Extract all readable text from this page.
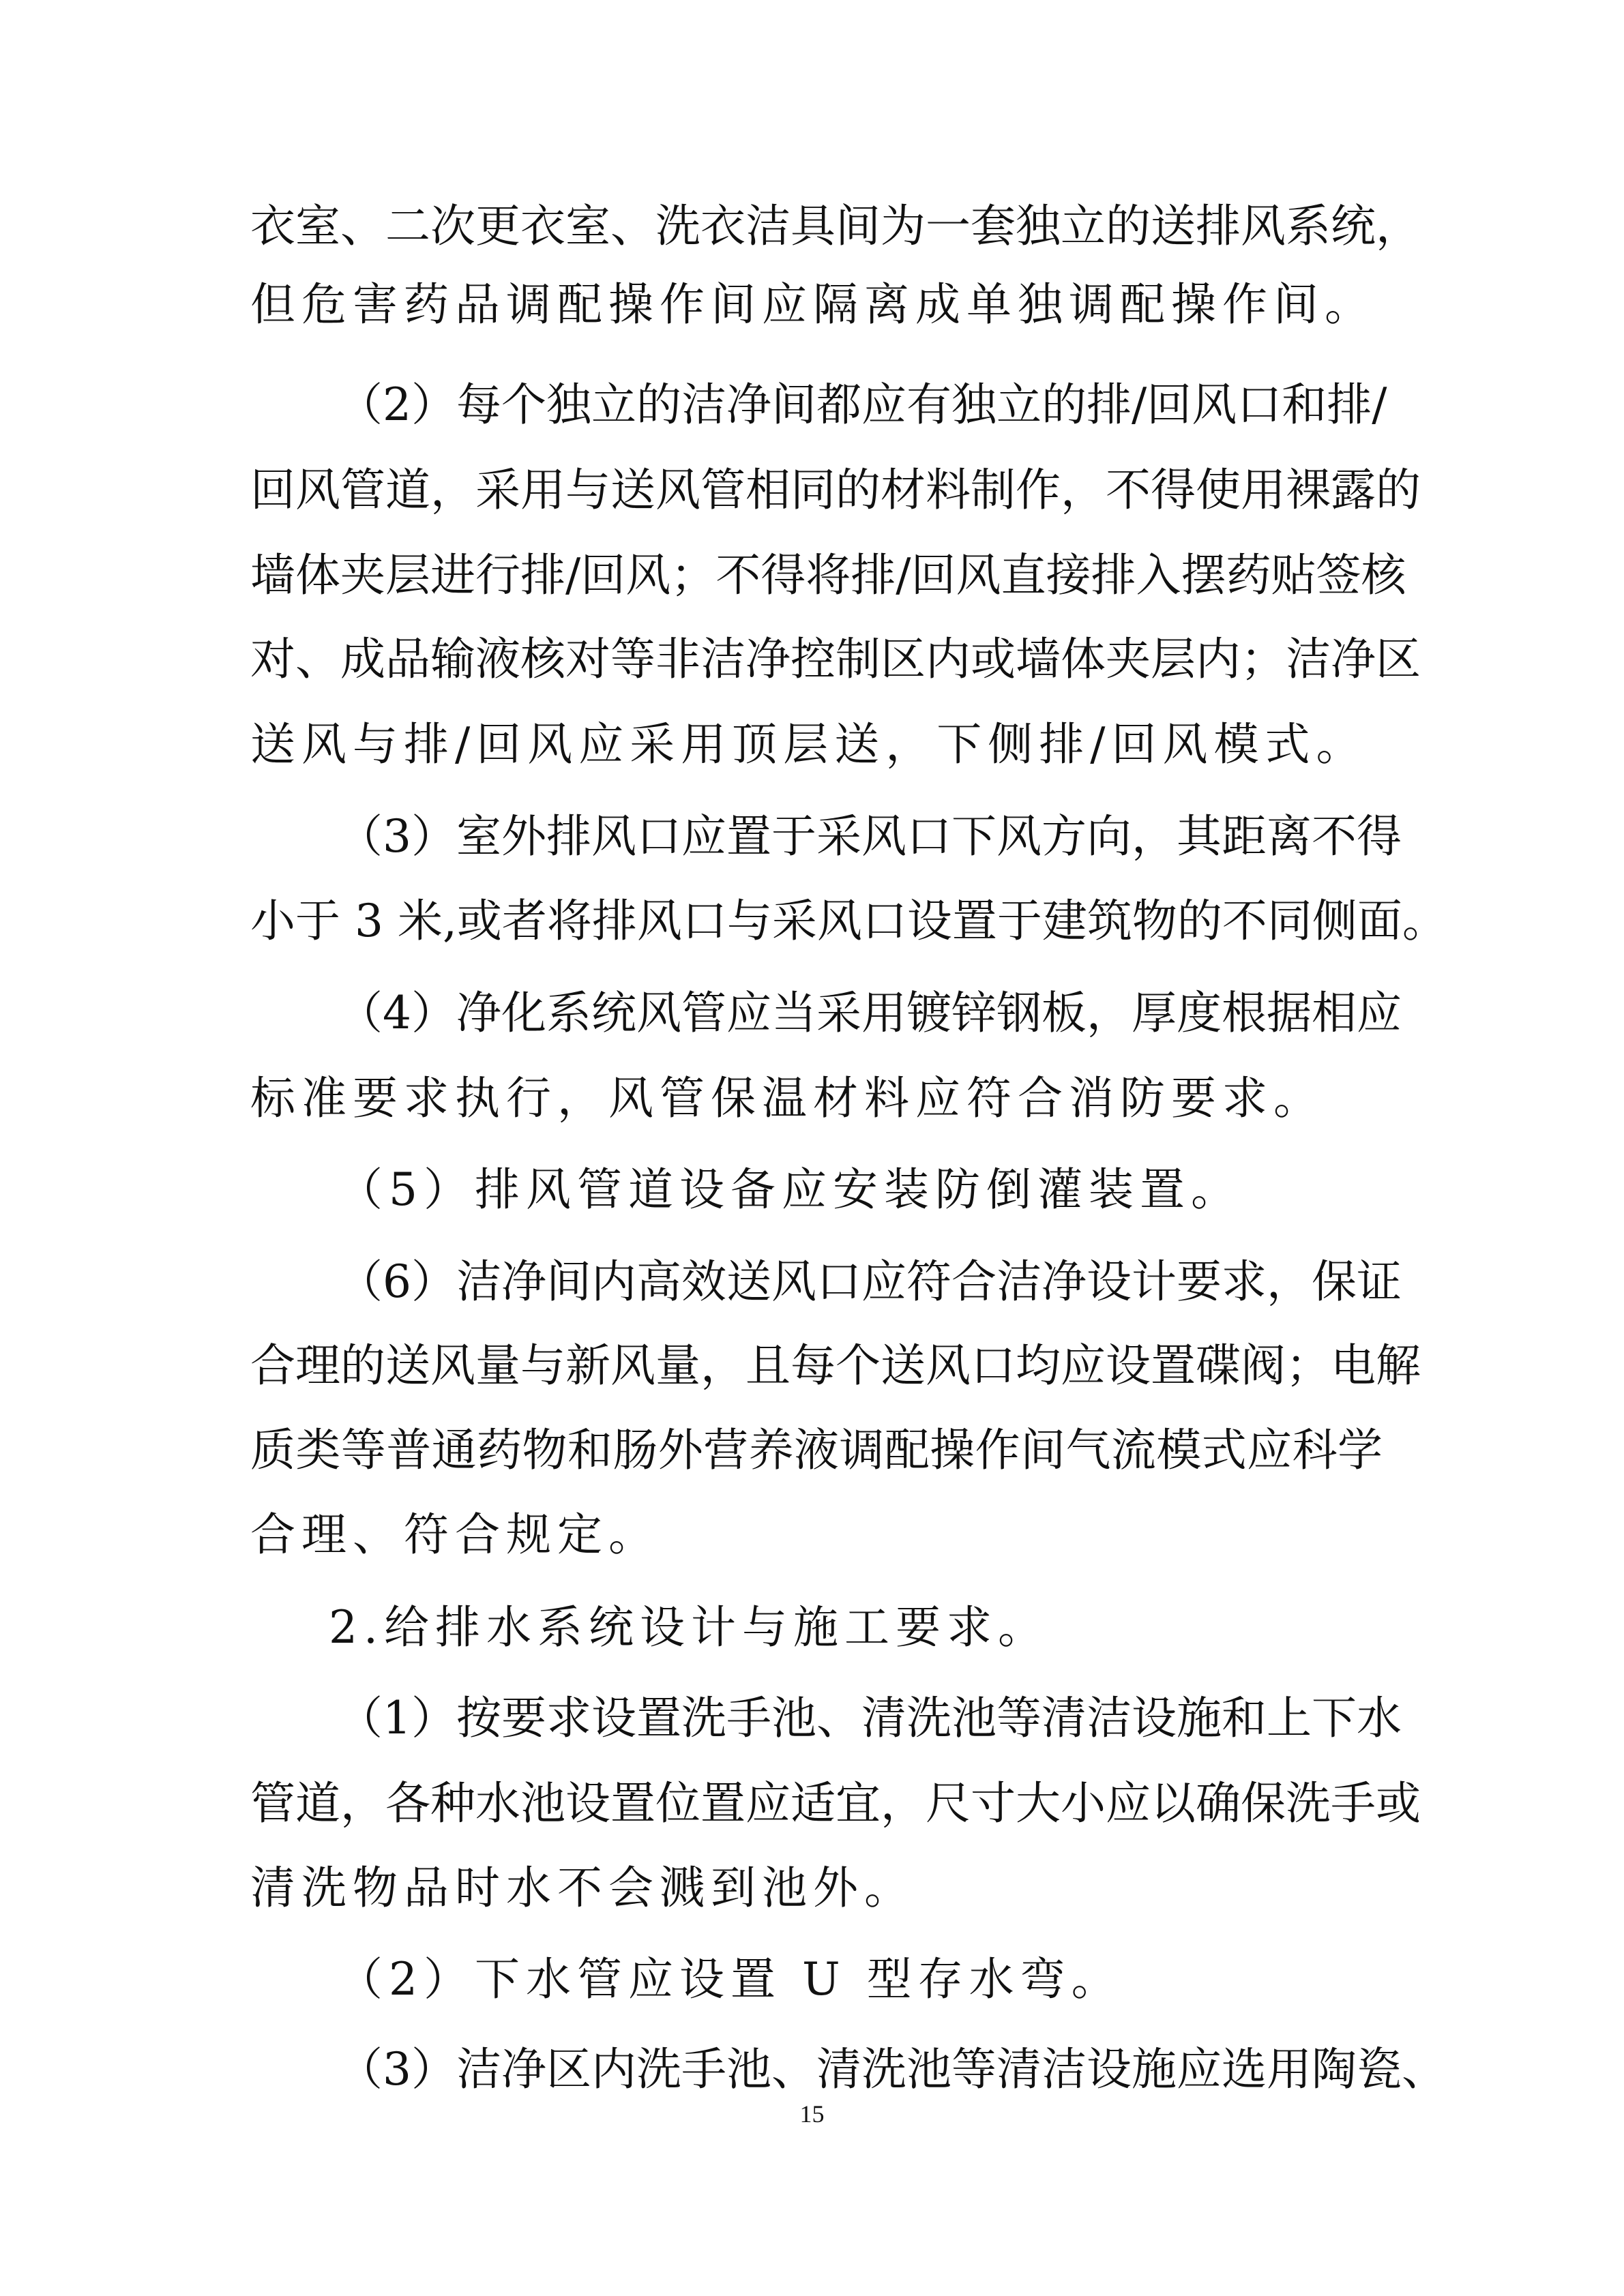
衣室、二次更衣室、洗衣洁具间为一套独立的送排风系统，
但危害药品调配操作间应隔离成单独调配操作间。
（2）每个独立的洁净间都应有独立的排/回风口和排/
回风管道，采用与送风管相同的材料制作，不得使用裸露的
墙体夹层进行排/回风；不得将排/回风直接排入摆药贴签核
对、成品输液核对等非洁净控制区内或墙体夹层内；洁净区
送风与排/回风应采用顶层送，下侧排/回风模式。
（3）室外排风口应置于采风口下风方向，其距离不得
小于 3 米,或者将排风口与采风口设置于建筑物的不同侧面。
（4）净化系统风管应当采用镀锌钢板，厚度根据相应
标准要求执行，风管保温材料应符合消防要求。
（5）排风管道设备应安装防倒灌装置。
（6）洁净间内高效送风口应符合洁净设计要求，保证
合理的送风量与新风量，且每个送风口均应设置碟阀；电解
质类等普通药物和肠外营养液调配操作间气流模式应科学
合理、符合规定。
2.给排水系统设计与施工要求。
（1）按要求设置洗手池、清洗池等清洁设施和上下水
管道，各种水池设置位置应适宜，尺寸大小应以确保洗手或
清洗物品时水不会溅到池外。
（2）下水管应设置 U 型存水弯。
（3）洁净区内洗手池、清洗池等清洁设施应选用陶瓷、
15
